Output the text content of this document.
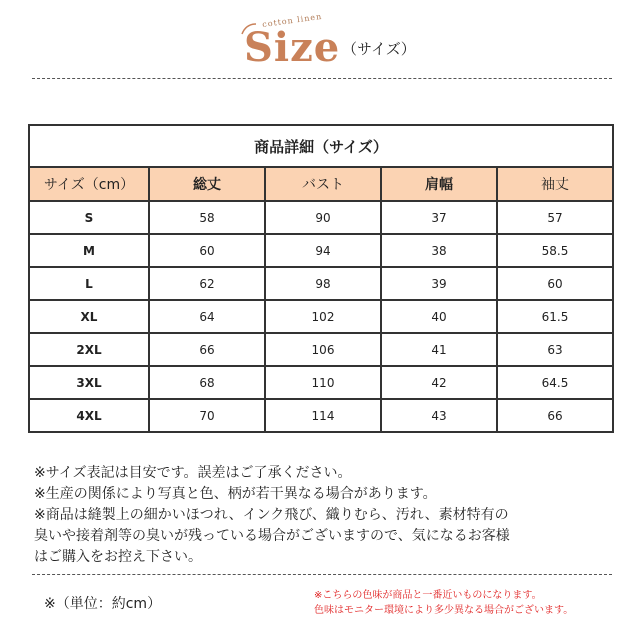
cotton linen
Size （サイズ）
商品詳細（サイズ）				
サイズ（cm）	総丈	バスト	肩幅	袖丈
S	58	90	37	57
M	60	94	38	58.5
L	62	98	39	60
XL	64	102	40	61.5
2XL	66	106	41	63
3XL	68	110	42	64.5
4XL	70	114	43	66
※サイズ表記は目安です。誤差はご了承ください。
※生産の関係により写真と色、柄が若干異なる場合があります。
※商品は縫製上の細かいほつれ、インク飛び、織りむら、汚れ、素材特有の
臭いや接着剤等の臭いが残っている場合がございますので、気になるお客様
はご購入をお控え下さい。
※（単位：約cm）
※こちらの色味が商品と一番近いものになります。
色味はモニター環境により多少異なる場合がございます。
